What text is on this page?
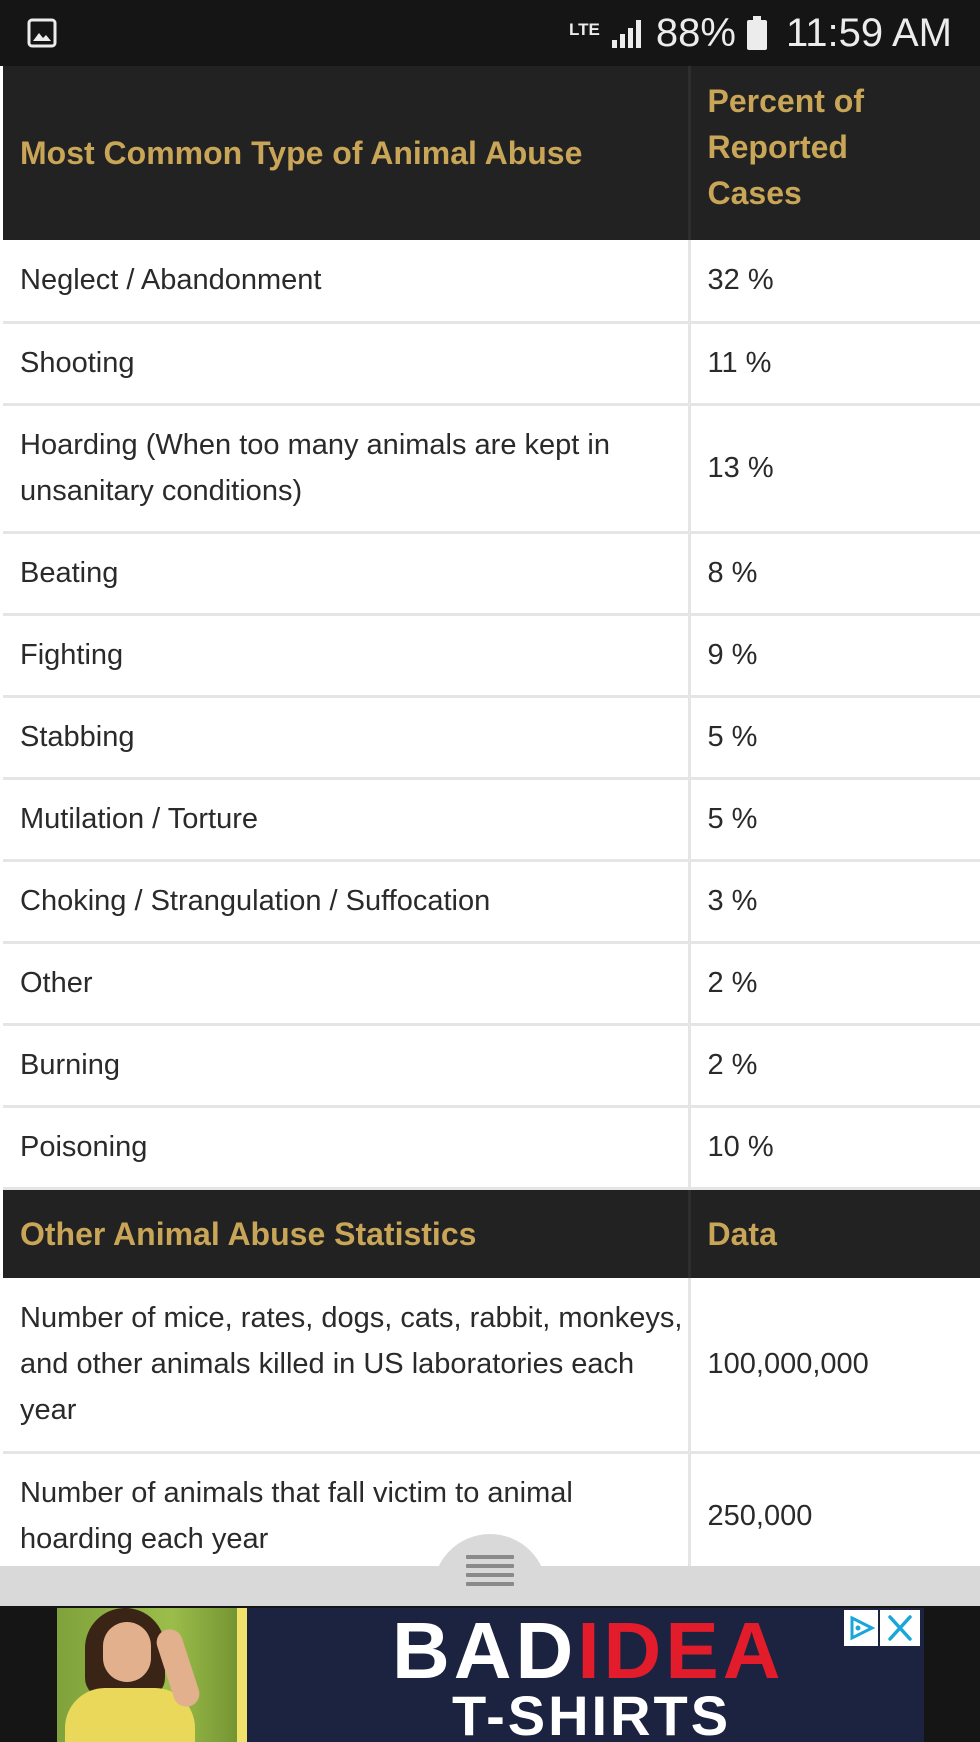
LTE 88% 11:59 AM
Most Common Type of Animal Abuse	Percent of
Reported
Cases

Neglect / Abandonment	32 %
Shooting	11 %
Hoarding (When too many animals are kept in unsanitary conditions)	13 %
Beating	8 %
Fighting	9 %
Stabbing	5 %
Mutilation / Torture	5 %
Choking / Strangulation / Suffocation	3 %
Other	2 %
Burning	2 %
Poisoning	10 %
Other Animal Abuse Statistics	Data
Number of mice, rates, dogs, cats, rabbit, monkeys, and other animals killed in US laboratories each year	100,000,000
Number of animals that fall victim to animal hoarding each year	250,000
BADIDEA
T-SHIRTS
